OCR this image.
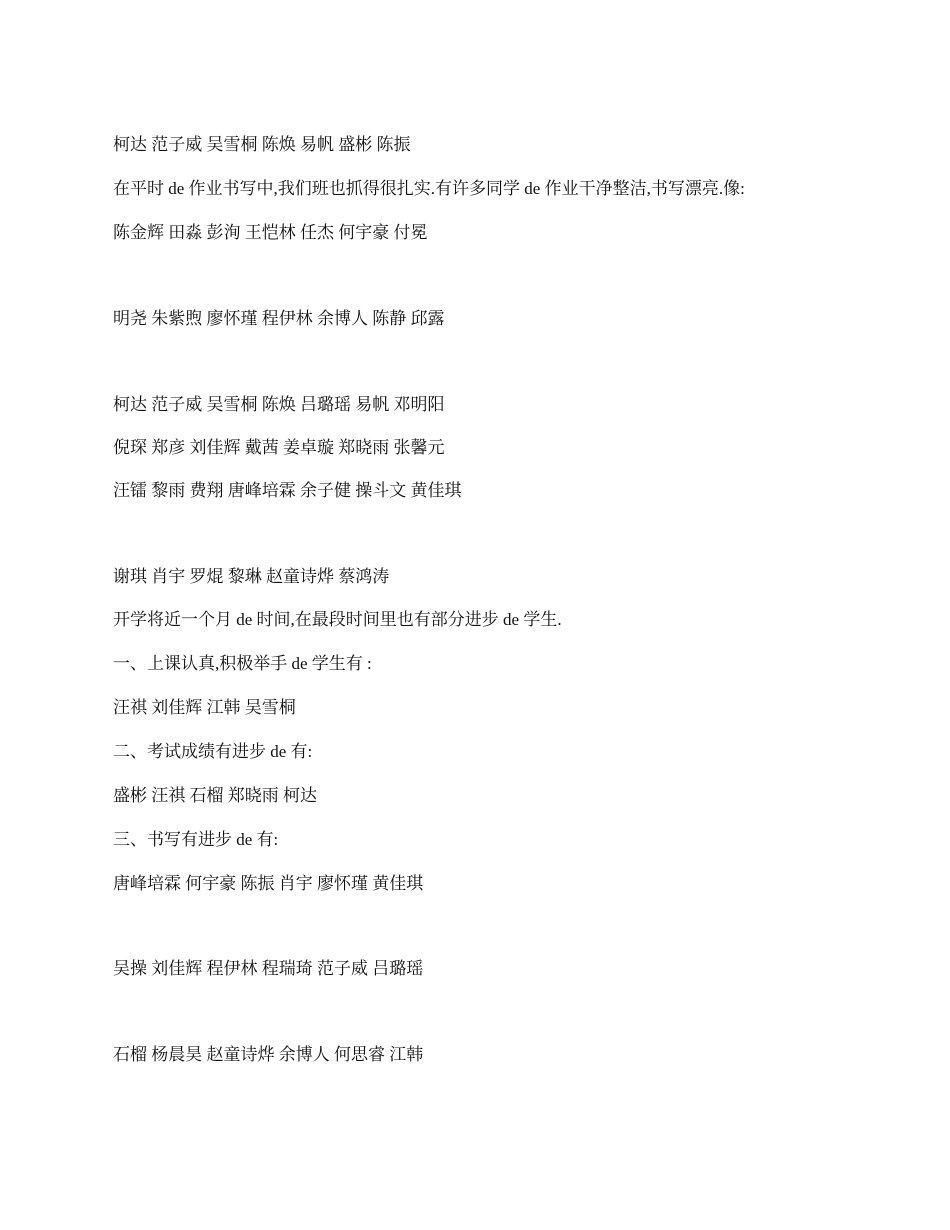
柯达 范子威 吴雪桐 陈焕 易帆 盛彬 陈振
在平时 de 作业书写中,我们班也抓得很扎实.有许多同学 de 作业干净整洁,书写漂亮.像:
陈金辉 田淼 彭洵 王恺林 任杰 何宇豪 付冕
明尧 朱紫煦 廖怀瑾 程伊林 余博人 陈静 邱露
柯达 范子威 吴雪桐 陈焕 吕璐瑶 易帆 邓明阳
倪琛 郑彦 刘佳辉 戴茜 姜卓璇 郑晓雨 张馨元
汪镭 黎雨 费翔 唐峰培霖 余子健 操斗文 黄佳琪
谢琪 肖宇 罗焜 黎琳 赵童诗烨 蔡鸿涛
开学将近一个月 de 时间,在最段时间里也有部分进步 de 学生.
一、上课认真,积极举手 de 学生有 :
汪祺 刘佳辉 江韩 吴雪桐
二、考试成绩有进步 de 有:
盛彬 汪祺 石榴 郑晓雨 柯达
三、书写有进步 de 有:
唐峰培霖 何宇豪 陈振 肖宇 廖怀瑾 黄佳琪
吴操 刘佳辉 程伊林 程瑞琦 范子威 吕璐瑶
石榴 杨晨昊 赵童诗烨 余博人 何思睿 江韩
